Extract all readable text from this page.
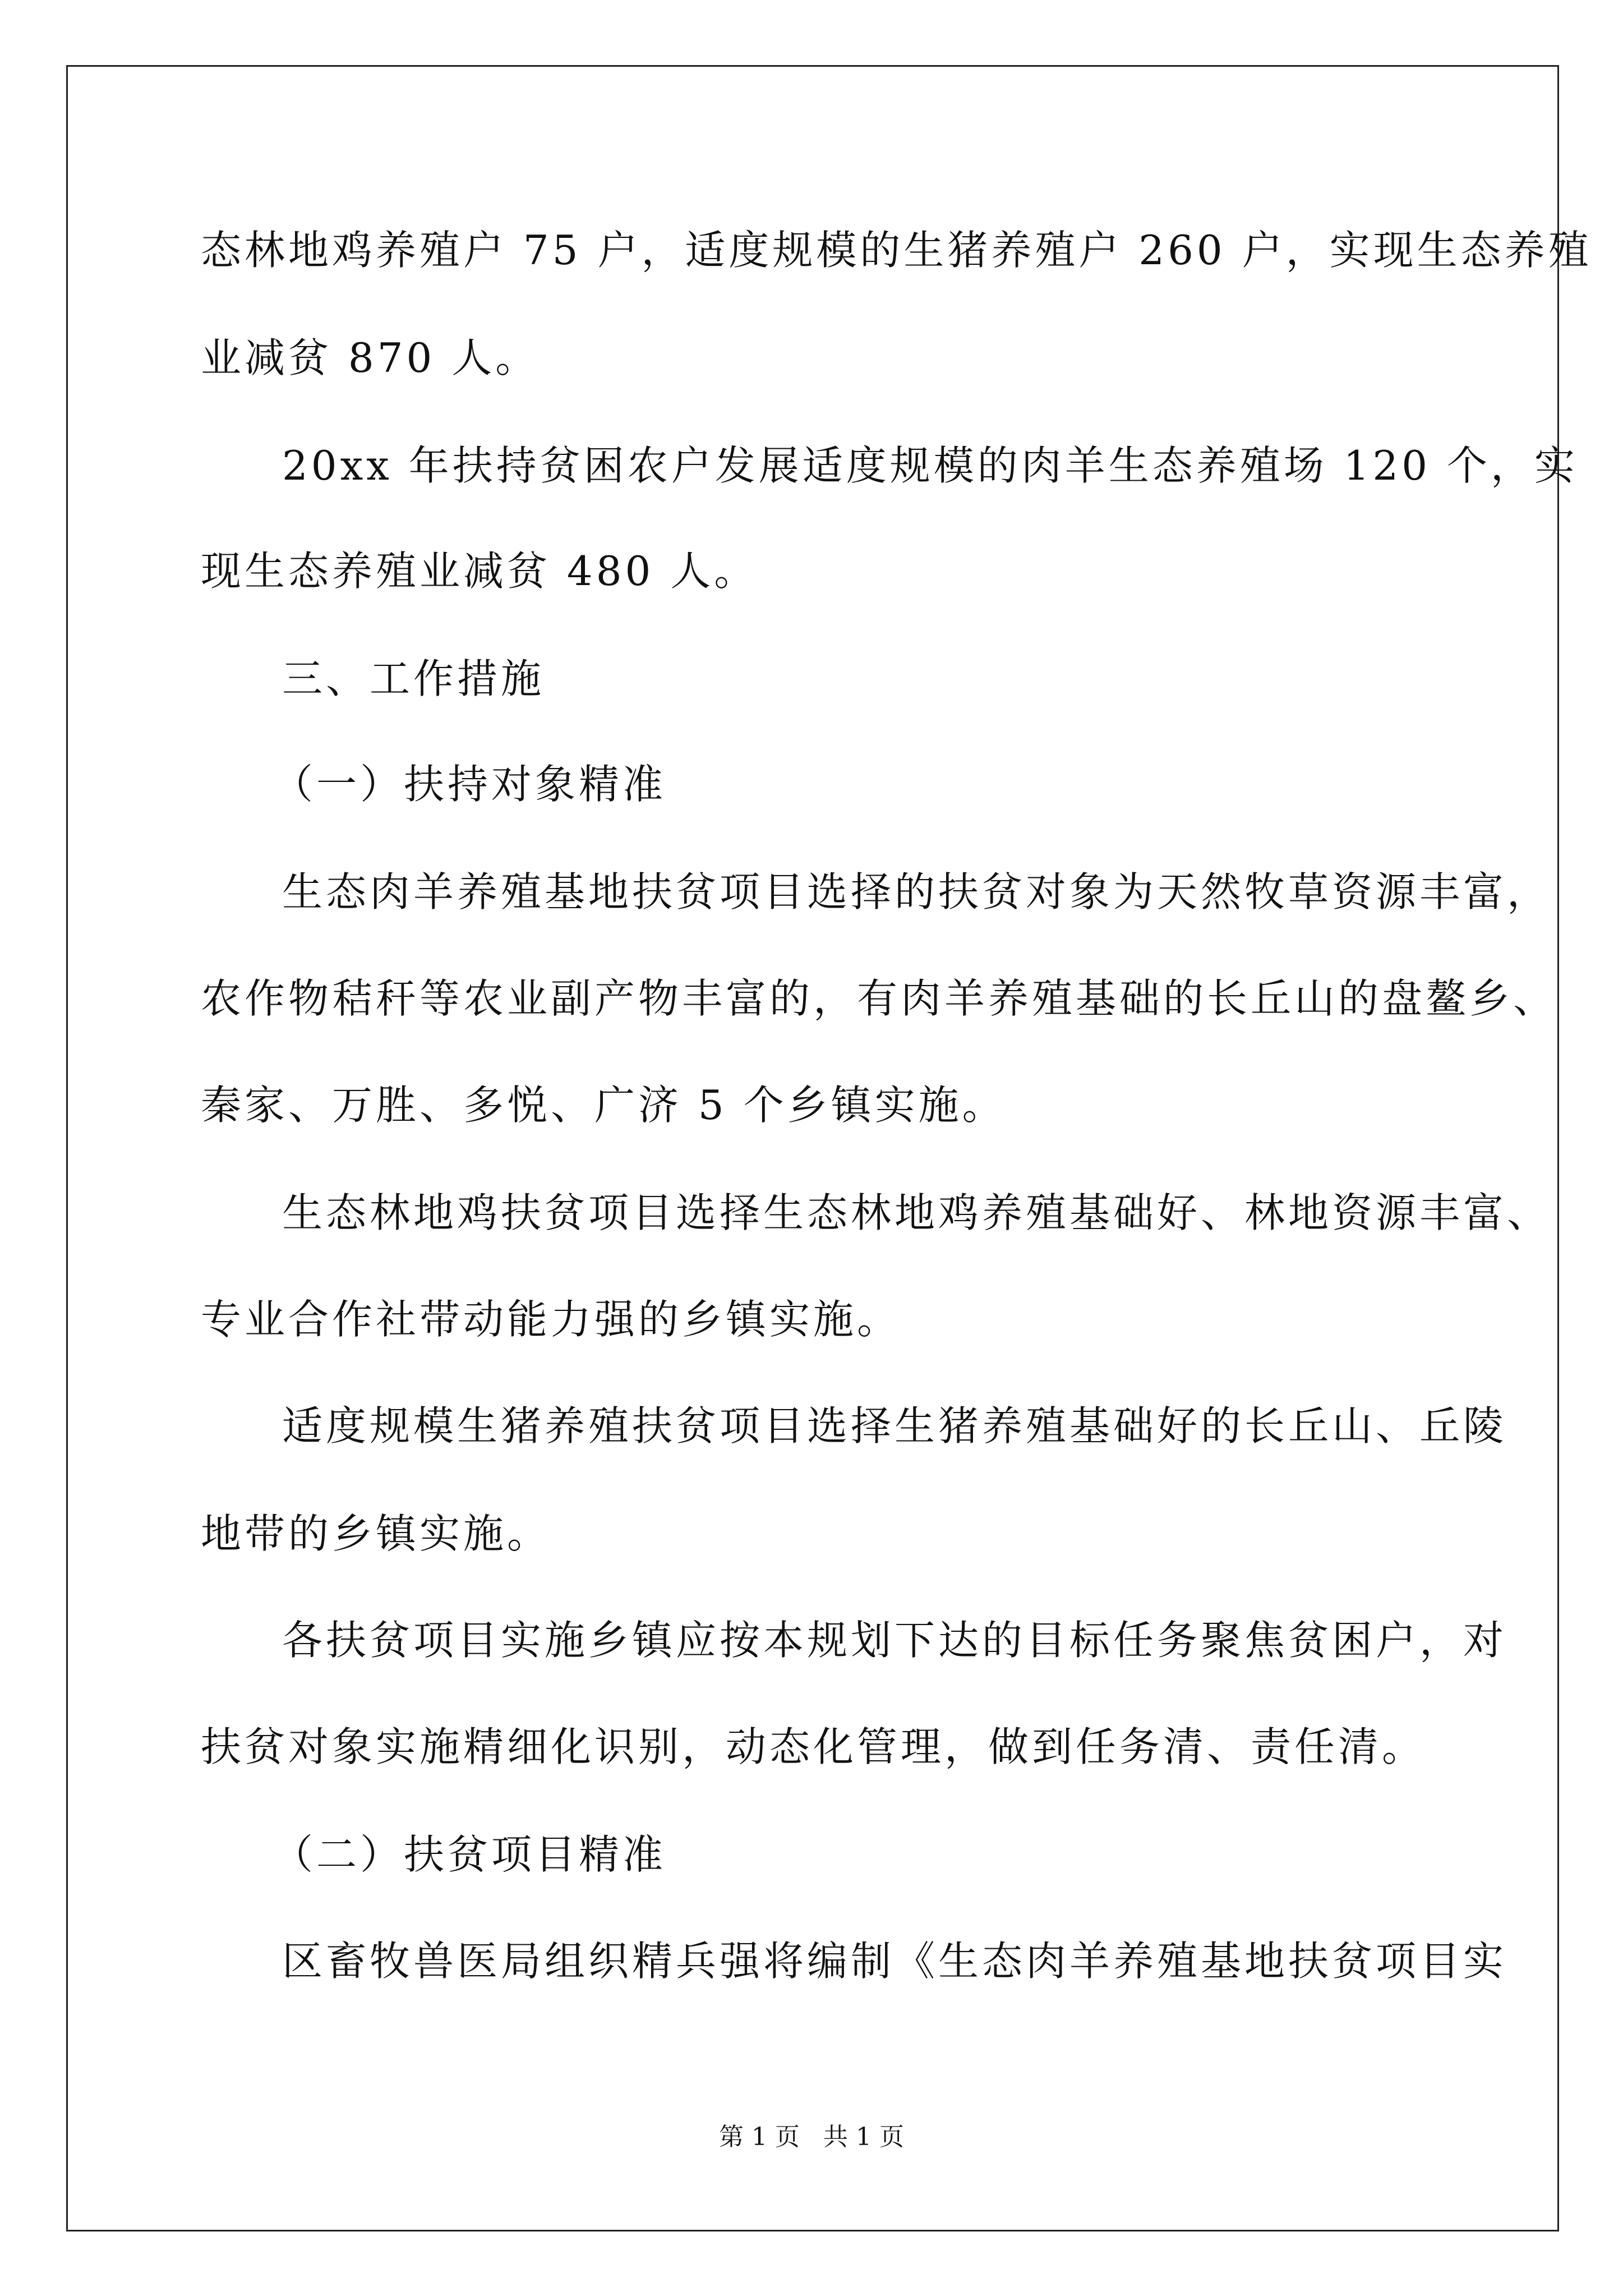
态林地鸡养殖户 75 户，适度规模的生猪养殖户 260 户，实现生态养殖
业减贫 870 人。
20xx 年扶持贫困农户发展适度规模的肉羊生态养殖场 120 个，实
现生态养殖业减贫 480 人。
三、工作措施
（一）扶持对象精准
生态肉羊养殖基地扶贫项目选择的扶贫对象为天然牧草资源丰富，
农作物秸秆等农业副产物丰富的，有肉羊养殖基础的长丘山的盘鳌乡、
秦家、万胜、多悦、广济 5 个乡镇实施。
生态林地鸡扶贫项目选择生态林地鸡养殖基础好、林地资源丰富、
专业合作社带动能力强的乡镇实施。
适度规模生猪养殖扶贫项目选择生猪养殖基础好的长丘山、丘陵
地带的乡镇实施。
各扶贫项目实施乡镇应按本规划下达的目标任务聚焦贫困户，对
扶贫对象实施精细化识别，动态化管理，做到任务清、责任清。
（二）扶贫项目精准
区畜牧兽医局组织精兵强将编制《生态肉羊养殖基地扶贫项目实
第 1 页   共 1 页
